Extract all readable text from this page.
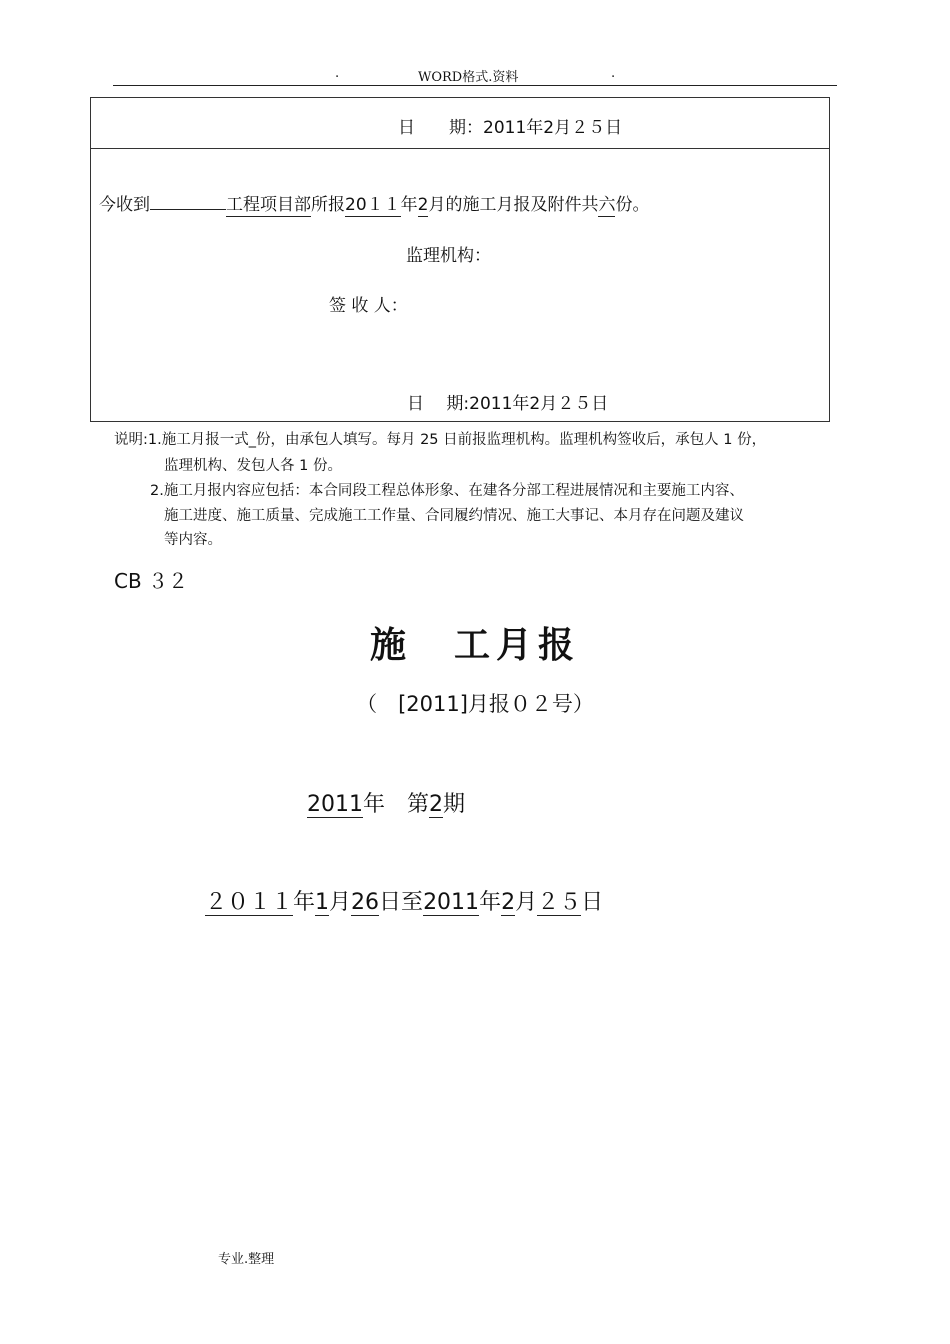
.	WORD格式.资料	.
日　　期：2011年2月２５日
今收到	工程项目部所报20１１年2月的施工月报及附件共六份。
监理机构：
签 收 人：
日　 期:2011年2月２５日
说明:1.施工月报一式_份，由承包人填写。每月 25 日前报监理机构。监理机构签收后，承包人 1 份，
监理机构、发包人各 1 份。
2.施工月报内容应包括：本合同段工程总体形象、在建各分部工程进展情况和主要施工内容、
施工进度、施工质量、完成施工工作量、合同履约情况、施工大事记、本月存在问题及建议
等内容。
CB ３２
施　工月报
（　[2011]月报０２号）
2011年　 第2期
２０１１年1月26日至2011年2月２５日
专业.整理
